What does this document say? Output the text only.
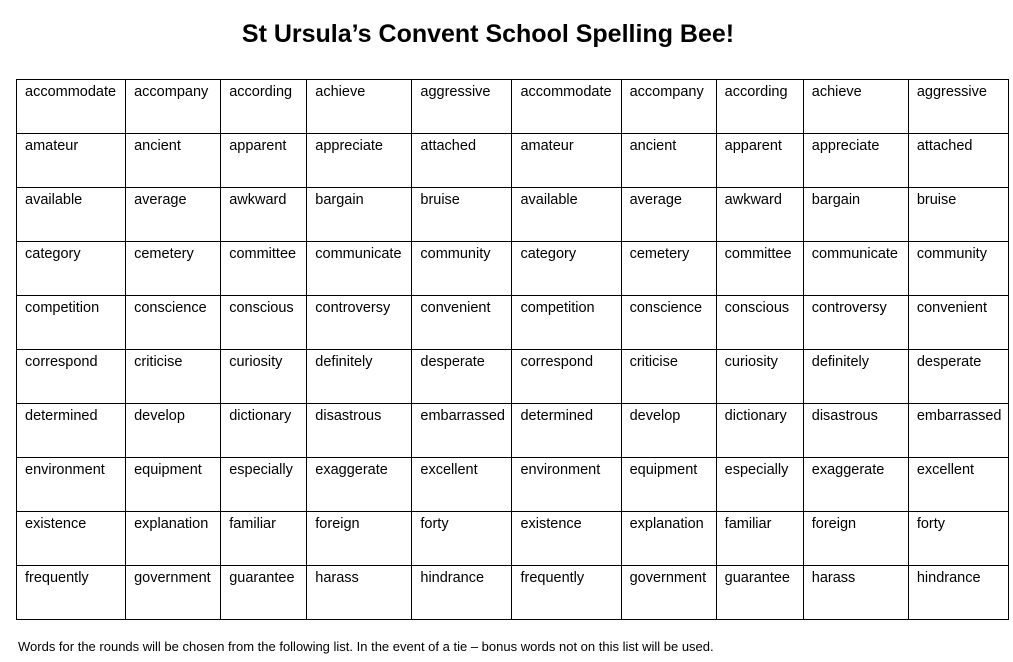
St Ursula’s Convent School Spelling Bee!
accommodate	accompany	according	achieve	aggressive	accommodate	accompany	according	achieve	aggressive
amateur	ancient	apparent	appreciate	attached	amateur	ancient	apparent	appreciate	attached
available	average	awkward	bargain	bruise	available	average	awkward	bargain	bruise
category	cemetery	committee	communicate	community	category	cemetery	committee	communicate	community
competition	conscience	conscious	controversy	convenient	competition	conscience	conscious	controversy	convenient
correspond	criticise	curiosity	definitely	desperate	correspond	criticise	curiosity	definitely	desperate
determined	develop	dictionary	disastrous	embarrassed	determined	develop	dictionary	disastrous	embarrassed
environment	equipment	especially	exaggerate	excellent	environment	equipment	especially	exaggerate	excellent
existence	explanation	familiar	foreign	forty	existence	explanation	familiar	foreign	forty
frequently	government	guarantee	harass	hindrance	frequently	government	guarantee	harass	hindrance
Words for the rounds will be chosen from the following list. In the event of a tie – bonus words not on this list will be used.
